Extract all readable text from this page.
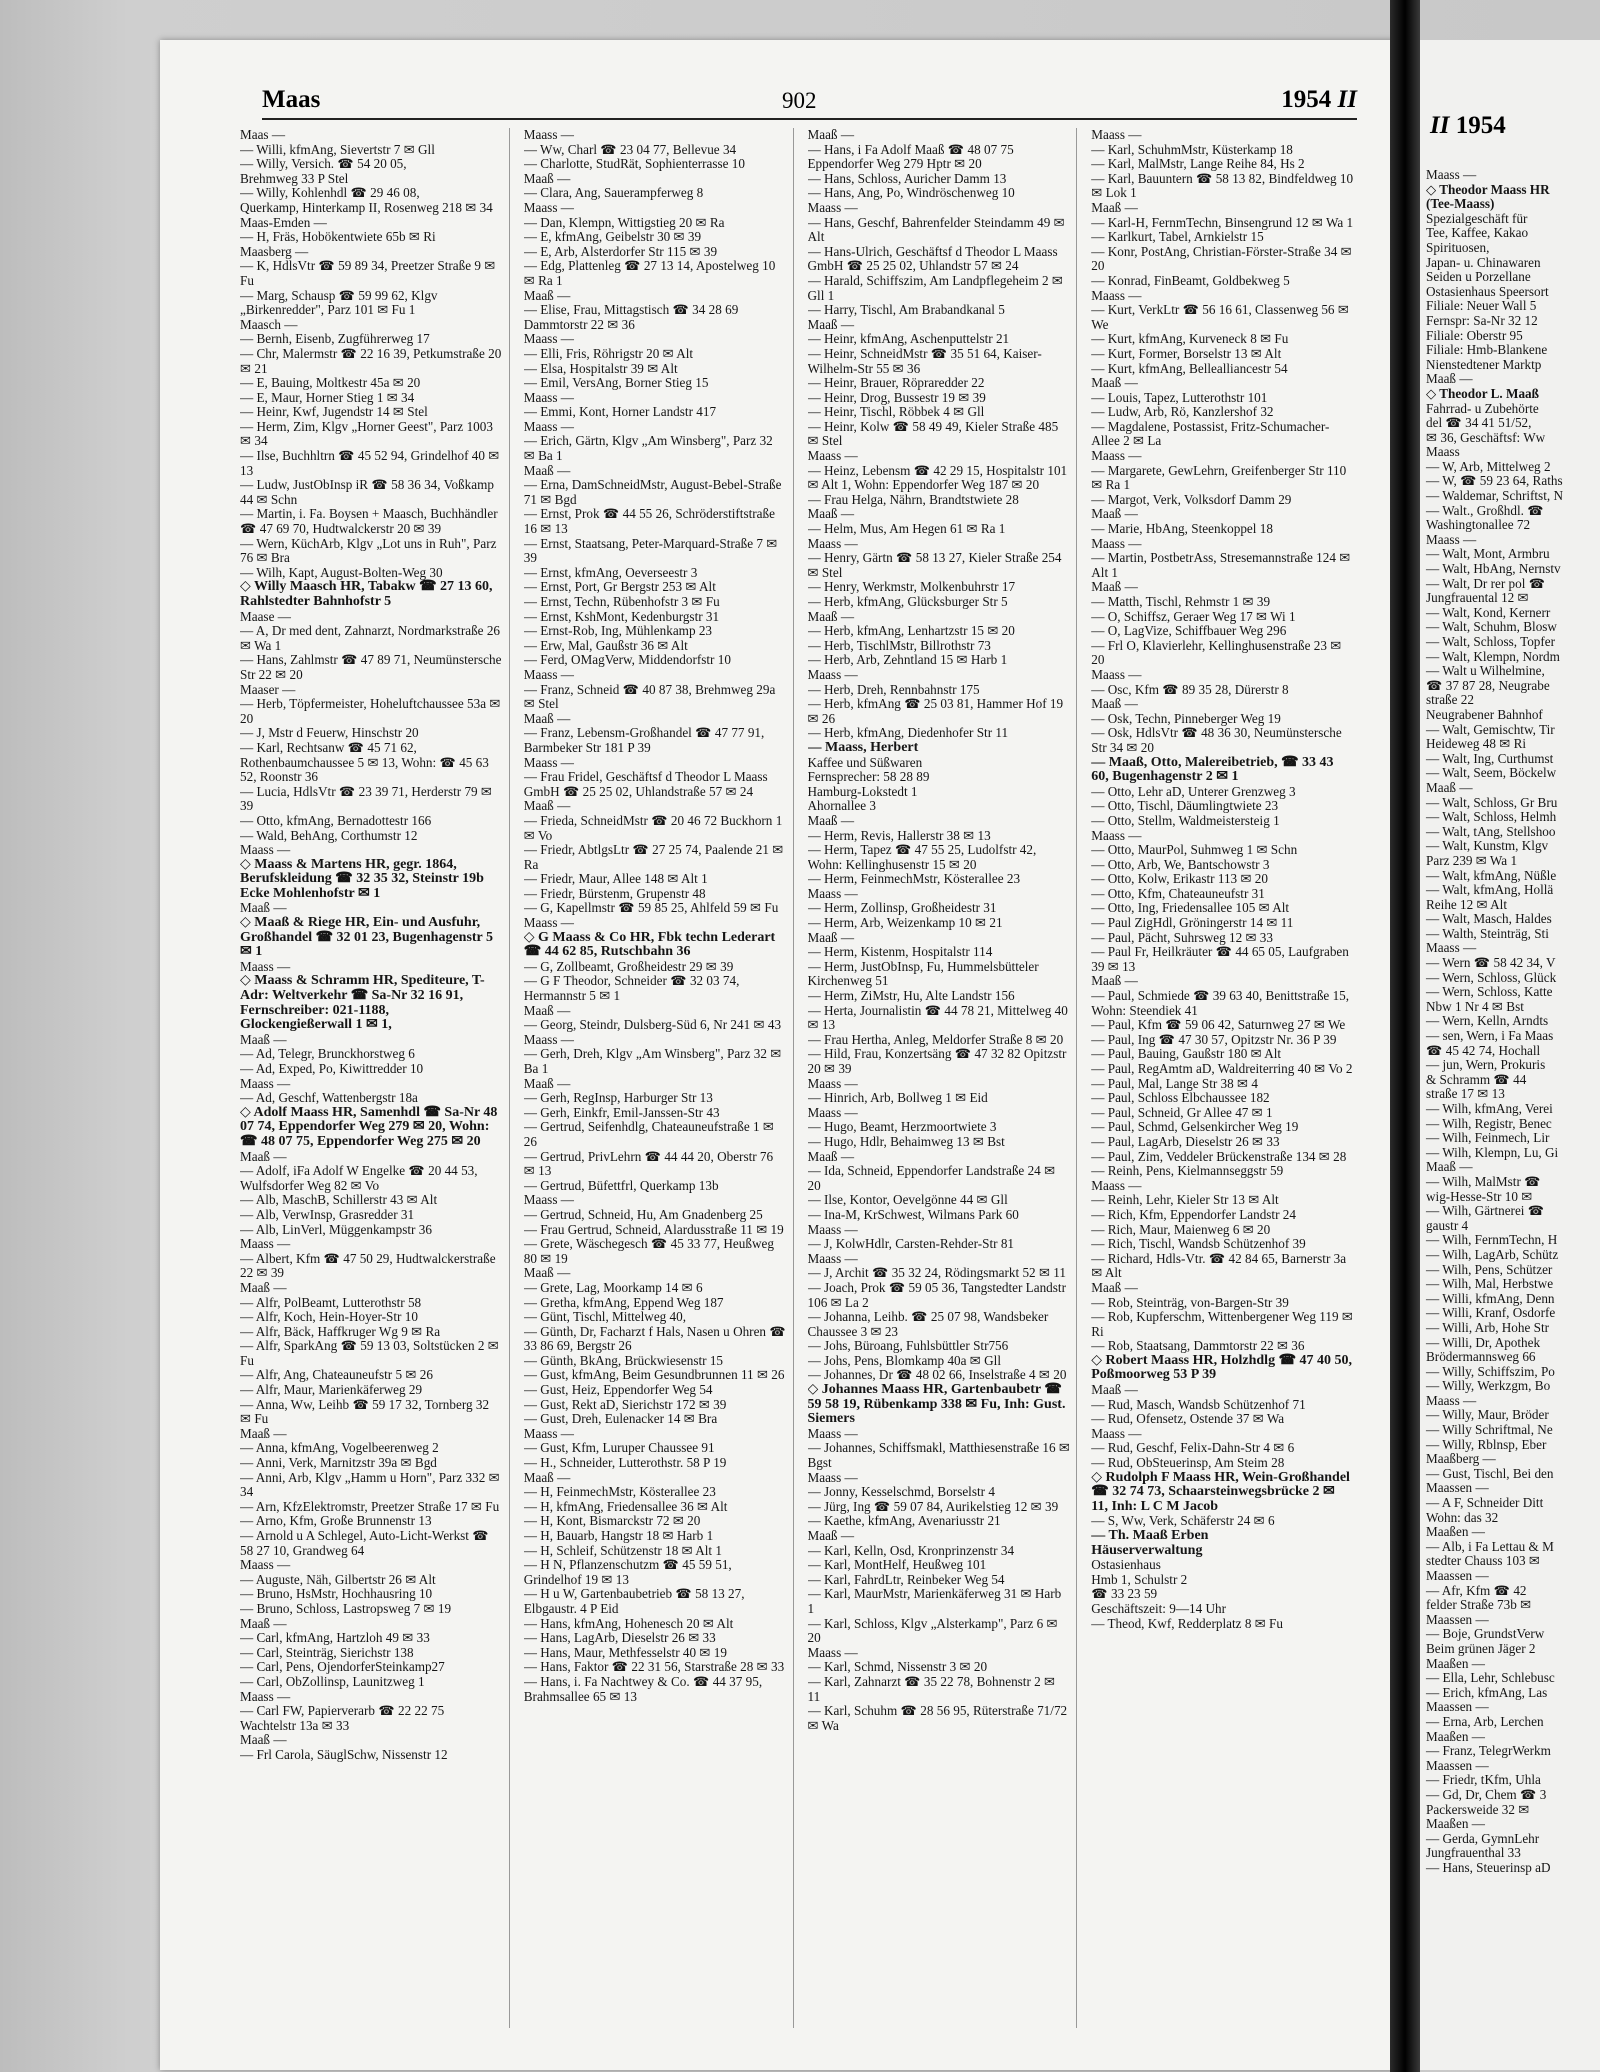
Maas	902	1954 II
Maas —
— Willi, kfmAng, Sievertstr 7 ✉ Gll
— Willy, Versich. ☎ 54 20 05,
Brehmweg 33 P Stel
— Willy, Kohlenhdl ☎ 29 46 08,
Querkamp, Hinterkamp II, Rosenweg 218 ✉ 34
Maas-Emden —
— H, Fräs, Hobökentwiete 65b ✉ Ri
Maasberg —
— K, HdlsVtr ☎ 59 89 34, Preetzer Straße 9 ✉ Fu
— Marg, Schausp ☎ 59 99 62, Klgv „Birkenredder", Parz 101 ✉ Fu 1
Maasch —
— Bernh, Eisenb, Zugführerweg 17
— Chr, Malermstr ☎ 22 16 39, Petkumstraße 20 ✉ 21
— E, Bauing, Moltkestr 45a ✉ 20
— E, Maur, Horner Stieg 1 ✉ 34
— Heinr, Kwf, Jugendstr 14 ✉ Stel
— Herm, Zim, Klgv „Horner Geest", Parz 1003 ✉ 34
— Ilse, Buchhltrn ☎ 45 52 94, Grindelhof 40 ✉ 13
— Ludw, JustObInsp iR ☎ 58 36 34, Voßkamp 44 ✉ Schn
— Martin, i. Fa. Boysen + Maasch, Buchhändler ☎ 47 69 70, Hudtwalckerstr 20 ✉ 39
— Wern, KüchArb, Klgv „Lot uns in Ruh", Parz 76 ✉ Bra
— Wilh, Kapt, August-Bolten-Weg 30
◇ Willy Maasch HR, Tabakw ☎ 27 13 60, Rahlstedter Bahnhofstr 5
Maase —
— A, Dr med dent, Zahnarzt, Nordmarkstraße 26 ✉ Wa 1
— Hans, Zahlmstr ☎ 47 89 71, Neumünstersche Str 22 ✉ 20
Maaser —
— Herb, Töpfermeister, Hoheluftchaussee 53a ✉ 20
— J, Mstr d Feuerw, Hinschstr 20
— Karl, Rechtsanw ☎ 45 71 62, Rothenbaumchaussee 5 ✉ 13, Wohn: ☎ 45 63 52, Roonstr 36
— Lucia, HdlsVtr ☎ 23 39 71, Herderstr 79 ✉ 39
— Otto, kfmAng, Bernadottestr 166
— Wald, BehAng, Corthumstr 12
Maass —
◇ Maass & Martens HR, gegr. 1864, Berufskleidung ☎ 32 35 32, Steinstr 19b Ecke Mohlenhofstr ✉ 1
Maaß —
◇ Maaß & Riege HR, Ein- und Ausfuhr, Großhandel ☎ 32 01 23, Bugenhagenstr 5 ✉ 1
Maass —
◇ Maass & Schramm HR, Spediteure, T-Adr: Weltverkehr ☎ Sa-Nr 32 16 91, Fernschreiber: 021-1188, Glockengießerwall 1 ✉ 1,
Maaß —
— Ad, Telegr, Brunckhorstweg 6
— Ad, Exped, Po, Kiwittredder 10
Maass —
— Ad, Geschf, Wattenbergstr 18a
◇ Adolf Maass HR, Samenhdl ☎ Sa-Nr 48 07 74, Eppendorfer Weg 279 ✉ 20, Wohn: ☎ 48 07 75, Eppendorfer Weg 275 ✉ 20
Maaß —
— Adolf, iFa Adolf W Engelke ☎ 20 44 53, Wulfsdorfer Weg 82 ✉ Vo
— Alb, MaschB, Schillerstr 43 ✉ Alt
— Alb, VerwInsp, Grasredder 31
— Alb, LinVerl, Müggenkampstr 36
Maass —
— Albert, Kfm ☎ 47 50 29, Hudtwalckerstraße 22 ✉ 39
Maaß —
— Alfr, PolBeamt, Lutterothstr 58
— Alfr, Koch, Hein-Hoyer-Str 10
— Alfr, Bäck, Haffkruger Wg 9 ✉ Ra
— Alfr, SparkAng ☎ 59 13 03, Soltstücken 2 ✉ Fu
— Alfr, Ang, Chateauneufstr 5 ✉ 26
— Alfr, Maur, Marienkäferweg 29
— Anna, Ww, Leihb ☎ 59 17 32, Tornberg 32 ✉ Fu
Maaß —
— Anna, kfmAng, Vogelbeerenweg 2
— Anni, Verk, Marnitzstr 39a ✉ Bgd
— Anni, Arb, Klgv „Hamm u Horn", Parz 332 ✉ 34
— Arn, KfzElektromstr, Preetzer Straße 17 ✉ Fu
— Arno, Kfm, Große Brunnenstr 13
— Arnold u A Schlegel, Auto-Licht-Werkst ☎ 58 27 10, Grandweg 64
Maass —
— Auguste, Näh, Gilbertstr 26 ✉ Alt
— Bruno, HsMstr, Hochhausring 10
— Bruno, Schloss, Lastropsweg 7 ✉ 19
Maaß —
— Carl, kfmAng, Hartzloh 49 ✉ 33
— Carl, Steinträg, Sierichstr 138
— Carl, Pens, OjendorferSteinkamp27
— Carl, ObZollinsp, Launitzweg 1
Maass —
— Carl FW, Papierverarb ☎ 22 22 75 Wachtelstr 13a ✉ 33
Maaß —
— Frl Carola, SäuglSchw, Nissenstr 12
Maass —
— Ww, Charl ☎ 23 04 77, Bellevue 34
— Charlotte, StudRät, Sophienterrasse 10
Maaß —
— Clara, Ang, Sauerampferweg 8
Maass —
— Dan, Klempn, Wittigstieg 20 ✉ Ra
— E, kfmAng, Geibelstr 30 ✉ 39
— E, Arb, Alsterdorfer Str 115 ✉ 39
— Edg, Plattenleg ☎ 27 13 14, Apostelweg 10 ✉ Ra 1
Maaß —
— Elise, Frau, Mittagstisch ☎ 34 28 69 Dammtorstr 22 ✉ 36
Maass —
— Elli, Fris, Röhrigstr 20 ✉ Alt
— Elsa, Hospitalstr 39 ✉ Alt
— Emil, VersAng, Borner Stieg 15
Maass —
— Emmi, Kont, Horner Landstr 417
Maass —
— Erich, Gärtn, Klgv „Am Winsberg", Parz 32 ✉ Ba 1
Maaß —
— Erna, DamSchneidMstr, August-Bebel-Straße 71 ✉ Bgd
— Ernst, Prok ☎ 44 55 26, Schröderstiftstraße 16 ✉ 13
— Ernst, Staatsang, Peter-Marquard-Straße 7 ✉ 39
— Ernst, kfmAng, Oeverseestr 3
— Ernst, Port, Gr Bergstr 253 ✉ Alt
— Ernst, Techn, Rübenhofstr 3 ✉ Fu
— Ernst, KshMont, Kedenburgstr 31
— Ernst-Rob, Ing, Mühlenkamp 23
— Erw, Mal, Gaußstr 36 ✉ Alt
— Ferd, OMagVerw, Middendorfstr 10
Maass —
— Franz, Schneid ☎ 40 87 38, Brehmweg 29a ✉ Stel
Maaß —
— Franz, Lebensm-Großhandel ☎ 47 77 91, Barmbeker Str 181 P 39
Maass —
— Frau Fridel, Geschäftsf d Theodor L Maass GmbH ☎ 25 25 02, Uhlandstraße 57 ✉ 24
Maaß —
— Frieda, SchneidMstr ☎ 20 46 72 Buckhorn 1 ✉ Vo
— Friedr, AbtlgsLtr ☎ 27 25 74, Paalende 21 ✉ Ra
— Friedr, Maur, Allee 148 ✉ Alt 1
— Friedr, Bürstenm, Grupenstr 48
— G, Kapellmstr ☎ 59 85 25, Ahlfeld 59 ✉ Fu
Maass —
◇ G Maass & Co HR, Fbk techn Lederart ☎ 44 62 85, Rutschbahn 36
— G, Zollbeamt, Großheidestr 29 ✉ 39
— G F Theodor, Schneider ☎ 32 03 74, Hermannstr 5 ✉ 1
Maaß —
— Georg, Steindr, Dulsberg-Süd 6, Nr 241 ✉ 43
Maass —
— Gerh, Dreh, Klgv „Am Winsberg", Parz 32 ✉ Ba 1
Maaß —
— Gerh, RegInsp, Harburger Str 13
— Gerh, Einkfr, Emil-Janssen-Str 43
— Gertrud, Seifenhdlg, Chateauneufstraße 1 ✉ 26
— Gertrud, PrivLehrn ☎ 44 44 20, Oberstr 76 ✉ 13
— Gertrud, Büfettfrl, Querkamp 13b
Maass —
— Gertrud, Schneid, Hu, Am Gnadenberg 25
— Frau Gertrud, Schneid, Alardusstraße 11 ✉ 19
— Grete, Wäschegesch ☎ 45 33 77, Heußweg 80 ✉ 19
Maaß —
— Grete, Lag, Moorkamp 14 ✉ 6
— Gretha, kfmAng, Eppend Weg 187
— Günt, Tischl, Mittelweg 40,
— Günth, Dr, Facharzt f Hals, Nasen u Ohren ☎ 33 86 69, Bergstr 26
— Günth, BkAng, Brückwiesenstr 15
— Gust, kfmAng, Beim Gesundbrunnen 11 ✉ 26
— Gust, Heiz, Eppendorfer Weg 54
— Gust, Rekt aD, Sierichstr 172 ✉ 39
— Gust, Dreh, Eulenacker 14 ✉ Bra
Maass —
— Gust, Kfm, Luruper Chaussee 91
— H., Schneider, Lutterothstr. 58 P 19
Maaß —
— H, FeinmechMstr, Kösterallee 23
— H, kfmAng, Friedensallee 36 ✉ Alt
— H, Kont, Bismarckstr 72 ✉ 20
— H, Bauarb, Hangstr 18 ✉ Harb 1
— H, Schleif, Schützenstr 18 ✉ Alt 1
— H N, Pflanzenschutzm ☎ 45 59 51, Grindelhof 19 ✉ 13
— H u W, Gartenbaubetrieb ☎ 58 13 27, Elbgaustr. 4 P Eid
— Hans, kfmAng, Hohenesch 20 ✉ Alt
— Hans, LagArb, Dieselstr 26 ✉ 33
— Hans, Maur, Methfesselstr 40 ✉ 19
— Hans, Faktor ☎ 22 31 56, Starstraße 28 ✉ 33
— Hans, i. Fa Nachtwey & Co. ☎ 44 37 95, Brahmsallee 65 ✉ 13
Maaß —
— Hans, i Fa Adolf Maaß ☎ 48 07 75 Eppendorfer Weg 279 Hptr ✉ 20
— Hans, Schloss, Auricher Damm 13
— Hans, Ang, Po, Windröschenweg 10
Maass —
— Hans, Geschf, Bahrenfelder Steindamm 49 ✉ Alt
— Hans-Ulrich, Geschäftsf d Theodor L Maass GmbH ☎ 25 25 02, Uhlandstr 57 ✉ 24
— Harald, Schiffszim, Am Landpflegeheim 2 ✉ Gll 1
— Harry, Tischl, Am Brabandkanal 5
Maaß —
— Heinr, kfmAng, Aschenputtelstr 21
— Heinr, SchneidMstr ☎ 35 51 64, Kaiser-Wilhelm-Str 55 ✉ 36
— Heinr, Brauer, Röpraredder 22
— Heinr, Drog, Bussestr 19 ✉ 39
— Heinr, Tischl, Röbbek 4 ✉ Gll
— Heinr, Kolw ☎ 58 49 49, Kieler Straße 485 ✉ Stel
Maass —
— Heinz, Lebensm ☎ 42 29 15, Hospitalstr 101 ✉ Alt 1, Wohn: Eppendorfer Weg 187 ✉ 20
— Frau Helga, Nährn, Brandtstwiete 28
Maaß —
— Helm, Mus, Am Hegen 61 ✉ Ra 1
Maass —
— Henry, Gärtn ☎ 58 13 27, Kieler Straße 254 ✉ Stel
— Henry, Werkmstr, Molkenbuhrstr 17
— Herb, kfmAng, Glücksburger Str 5
Maaß —
— Herb, kfmAng, Lenhartzstr 15 ✉ 20
— Herb, TischlMstr, Billrothstr 73
— Herb, Arb, Zehntland 15 ✉ Harb 1
Maass —
— Herb, Dreh, Rennbahnstr 175
— Herb, kfmAng ☎ 25 03 81, Hammer Hof 19 ✉ 26
— Herb, kfmAng, Diedenhofer Str 11
— Maass, Herbert
Kaffee und Süßwaren
Fernsprecher: 58 28 89
Hamburg-Lokstedt 1
Ahornallee 3
Maaß —
— Herm, Revis, Hallerstr 38 ✉ 13
— Herm, Tapez ☎ 47 55 25, Ludolfstr 42, Wohn: Kellinghusenstr 15 ✉ 20
— Herm, FeinmechMstr, Kösterallee 23
Maass —
— Herm, Zollinsp, Großheidestr 31
— Herm, Arb, Weizenkamp 10 ✉ 21
Maaß —
— Herm, Kistenm, Hospitalstr 114
— Herm, JustObInsp, Fu, Hummelsbütteler Kirchenweg 51
— Herm, ZiMstr, Hu, Alte Landstr 156
— Herta, Journalistin ☎ 44 78 21, Mittelweg 40 ✉ 13
— Frau Hertha, Anleg, Meldorfer Straße 8 ✉ 20
— Hild, Frau, Konzertsäng ☎ 47 32 82 Opitzstr 20 ✉ 39
Maass —
— Hinrich, Arb, Bollweg 1 ✉ Eid
Maass —
— Hugo, Beamt, Herzmoortwiete 3
— Hugo, Hdlr, Behaimweg 13 ✉ Bst
Maaß —
— Ida, Schneid, Eppendorfer Landstraße 24 ✉ 20
— Ilse, Kontor, Oevelgönne 44 ✉ Gll
— Ina-M, KrSchwest, Wilmans Park 60
Maass —
— J, KolwHdlr, Carsten-Rehder-Str 81
Maass —
— J, Archit ☎ 35 32 24, Rödingsmarkt 52 ✉ 11
— Joach, Prok ☎ 59 05 36, Tangstedter Landstr 106 ✉ La 2
— Johanna, Leihb. ☎ 25 07 98, Wandsbeker Chaussee 3 ✉ 23
— Johs, Büroang, Fuhlsbüttler Str756
— Johs, Pens, Blomkamp 40a ✉ Gll
— Johannes, Dr ☎ 48 02 66, Inselstraße 4 ✉ 20
◇ Johannes Maass HR, Gartenbaubetr ☎ 59 58 19, Rübenkamp 338 ✉ Fu, Inh: Gust. Siemers
Maass —
— Johannes, Schiffsmakl, Matthiesenstraße 16 ✉ Bgst
Maass —
— Jonny, Kesselschmd, Borselstr 4
— Jürg, Ing ☎ 59 07 84, Aurikelstieg 12 ✉ 39
— Kaethe, kfmAng, Avenariusstr 21
Maaß —
— Karl, Kelln, Osd, Kronprinzenstr 34
— Karl, MontHelf, Heußweg 101
— Karl, FahrdLtr, Reinbeker Weg 54
— Karl, MaurMstr, Marienkäferweg 31 ✉ Harb 1
— Karl, Schloss, Klgv „Alsterkamp", Parz 6 ✉ 20
Maass —
— Karl, Schmd, Nissenstr 3 ✉ 20
— Karl, Zahnarzt ☎ 35 22 78, Bohnenstr 2 ✉ 11
— Karl, Schuhm ☎ 28 56 95, Rüterstraße 71/72 ✉ Wa
Maass —
— Karl, SchuhmMstr, Küsterkamp 18
— Karl, MalMstr, Lange Reihe 84, Hs 2
— Karl, Bauuntern ☎ 58 13 82, Bindfeldweg 10 ✉ Lok 1
Maaß —
— Karl-H, FernmTechn, Binsengrund 12 ✉ Wa 1
— Karlkurt, Tabel, Arnkielstr 15
— Konr, PostAng, Christian-Förster-Straße 34 ✉ 20
— Konrad, FinBeamt, Goldbekweg 5
Maass —
— Kurt, VerkLtr ☎ 56 16 61, Classenweg 56 ✉ We
— Kurt, kfmAng, Kurveneck 8 ✉ Fu
— Kurt, Former, Borselstr 13 ✉ Alt
— Kurt, kfmAng, Bellealliancestr 54
Maaß —
— Louis, Tapez, Lutterothstr 101
— Ludw, Arb, Rö, Kanzlershof 32
— Magdalene, Postassist, Fritz-Schumacher-Allee 2 ✉ La
Maass —
— Margarete, GewLehrn, Greifenberger Str 110 ✉ Ra 1
— Margot, Verk, Volksdorf Damm 29
Maaß —
— Marie, HbAng, Steenkoppel 18
Maass —
— Martin, PostbetrAss, Stresemannstraße 124 ✉ Alt 1
Maaß —
— Matth, Tischl, Rehmstr 1 ✉ 39
— O, Schiffsz, Geraer Weg 17 ✉ Wi 1
— O, LagVize, Schiffbauer Weg 296
— Frl O, Klavierlehr, Kellinghusenstraße 23 ✉ 20
Maass —
— Osc, Kfm ☎ 89 35 28, Dürerstr 8
Maaß —
— Osk, Techn, Pinneberger Weg 19
— Osk, HdlsVtr ☎ 48 36 30, Neumünstersche Str 34 ✉ 20
— Maaß, Otto, Malereibetrieb, ☎ 33 43 60, Bugenhagenstr 2 ✉ 1
— Otto, Lehr aD, Unterer Grenzweg 3
— Otto, Tischl, Däumlingtwiete 23
— Otto, Stellm, Waldmeistersteig 1
Maass —
— Otto, MaurPol, Suhmweg 1 ✉ Schn
— Otto, Arb, We, Bantschowstr 3
— Otto, Kolw, Erikastr 113 ✉ 20
— Otto, Kfm, Chateauneufstr 31
— Otto, Ing, Friedensallee 105 ✉ Alt
— Paul ZigHdl, Gröningerstr 14 ✉ 11
— Paul, Pächt, Suhrsweg 12 ✉ 33
— Paul Fr, Heilkräuter ☎ 44 65 05, Laufgraben 39 ✉ 13
Maaß —
— Paul, Schmiede ☎ 39 63 40, Benittstraße 15, Wohn: Steendiek 41
— Paul, Kfm ☎ 59 06 42, Saturnweg 27 ✉ We
— Paul, Ing ☎ 47 30 57, Opitzstr Nr. 36 P 39
— Paul, Bauing, Gaußstr 180 ✉ Alt
— Paul, RegAmtm aD, Waldreiterring 40 ✉ Vo 2
— Paul, Mal, Lange Str 38 ✉ 4
— Paul, Schloss Elbchaussee 182
— Paul, Schneid, Gr Allee 47 ✉ 1
— Paul, Schmd, Gelsenkircher Weg 19
— Paul, LagArb, Dieselstr 26 ✉ 33
— Paul, Zim, Veddeler Brückenstraße 134 ✉ 28
— Reinh, Pens, Kielmannseggstr 59
Maass —
— Reinh, Lehr, Kieler Str 13 ✉ Alt
— Rich, Kfm, Eppendorfer Landstr 24
— Rich, Maur, Maienweg 6 ✉ 20
— Rich, Tischl, Wandsb Schützenhof 39
— Richard, Hdls-Vtr. ☎ 42 84 65, Barnerstr 3a ✉ Alt
Maaß —
— Rob, Steinträg, von-Bargen-Str 39
— Rob, Kupferschm, Wittenbergener Weg 119 ✉ Ri
— Rob, Staatsang, Dammtorstr 22 ✉ 36
◇ Robert Maass HR, Holzhdlg ☎ 47 40 50, Poßmoorweg 53 P 39
Maaß —
— Rud, Masch, Wandsb Schützenhof 71
— Rud, Ofensetz, Ostende 37 ✉ Wa
Maass —
— Rud, Geschf, Felix-Dahn-Str 4 ✉ 6
— Rud, ObSteuerinsp, Am Steim 28
◇ Rudolph F Maass HR, Wein-Großhandel ☎ 32 74 73, Schaarsteinwegsbrücke 2 ✉ 11, Inh: L C M Jacob
— S, Ww, Verk, Schäferstr 24 ✉ 6
— Th. Maaß Erben
Häuserverwaltung
Ostasienhaus
Hmb 1, Schulstr 2
☎ 33 23 59
Geschäftszeit: 9—14 Uhr
— Theod, Kwf, Redderplatz 8 ✉ Fu
II 1954
Maass —
◇ Theodor Maass HR
(Tee-Maass)
Spezialgeschäft für
Tee, Kaffee, Kakao
Spirituosen,
Japan- u. Chinawaren
Seiden u Porzellane
Ostasienhaus Speersort
Filiale: Neuer Wall 5
Fernspr: Sa-Nr 32 12
Filiale: Oberstr 95
Filiale: Hmb-Blankene
Nienstedtener Marktp
Maaß —
◇ Theodor L. Maaß
Fahrrad- u Zubehörte
del ☎ 34 41 51/52,
✉ 36, Geschäftsf: Ww
Maass
— W, Arb, Mittelweg 2
— W, ☎ 59 23 64, Raths
— Waldemar, Schriftst, N
— Walt., Großhdl. ☎
Washingtonallee 72
Maass —
— Walt, Mont, Armbru
— Walt, HbAng, Nernstv
— Walt, Dr rer pol ☎
Jungfrauental 12 ✉
— Walt, Kond, Kernerr
— Walt, Schuhm, Blosw
— Walt, Schloss, Topfer
— Walt, Klempn, Nordm
— Walt u Wilhelmine,
☎ 37 87 28, Neugrabe
straße 22
Neugrabener Bahnhof
— Walt, Gemischtw, Tir
Heideweg 48 ✉ Ri
— Walt, Ing, Curthumst
— Walt, Seem, Böckelw
Maaß —
— Walt, Schloss, Gr Bru
— Walt, Schloss, Helmh
— Walt, tAng, Stellshoo
— Walt, Kunstm, Klgv
Parz 239 ✉ Wa 1
— Walt, kfmAng, Nüßle
— Walt, kfmAng, Hollä
Reihe 12 ✉ Alt
— Walt, Masch, Haldes
— Walth, Steinträg, Sti
Maass —
— Wern ☎ 58 42 34, V
— Wern, Schloss, Glück
— Wern, Schloss, Katte
Nbw 1 Nr 4 ✉ Bst
— Wern, Kelln, Arndts
— sen, Wern, i Fa Maas
☎ 45 42 74, Hochall
— jun, Wern, Prokuris
& Schramm ☎ 44
straße 17 ✉ 13
— Wilh, kfmAng, Verei
— Wilh, Registr, Benec
— Wilh, Feinmech, Lir
— Wilh, Klempn, Lu, Gi
Maaß —
— Wilh, MalMstr ☎
wig-Hesse-Str 10 ✉
— Wilh, Gärtnerei ☎
gaustr 4
— Wilh, FernmTechn, H
— Wilh, LagArb, Schütz
— Wilh, Pens, Schützer
— Wilh, Mal, Herbstwe
— Willi, kfmAng, Denn
— Willi, Kranf, Osdorfe
— Willi, Arb, Hohe Str
— Willi, Dr, Apothek
Brödermannsweg 66
— Willy, Schiffszim, Po
— Willy, Werkzgm, Bo
Maass —
— Willy, Maur, Bröder
— Willy Schriftmal, Ne
— Willy, Rblnsp, Eber
Maaßberg —
— Gust, Tischl, Bei den
Maassen —
— A F, Schneider Ditt
Wohn: das 32
Maaßen —
— Alb, i Fa Lettau & M
stedter Chauss 103 ✉
Maassen —
— Afr, Kfm ☎ 42
felder Straße 73b ✉
Maassen —
— Boje, GrundstVerw
Beim grünen Jäger 2
Maaßen —
— Ella, Lehr, Schlebusc
— Erich, kfmAng, Las
Maassen —
— Erna, Arb, Lerchen
Maaßen —
— Franz, TelegrWerkm
Maassen —
— Friedr, tKfm, Uhla
— Gd, Dr, Chem ☎ 3
Packersweide 32 ✉
Maaßen —
— Gerda, GymnLehr
Jungfrauenthal 33
— Hans, Steuerinsp aD
